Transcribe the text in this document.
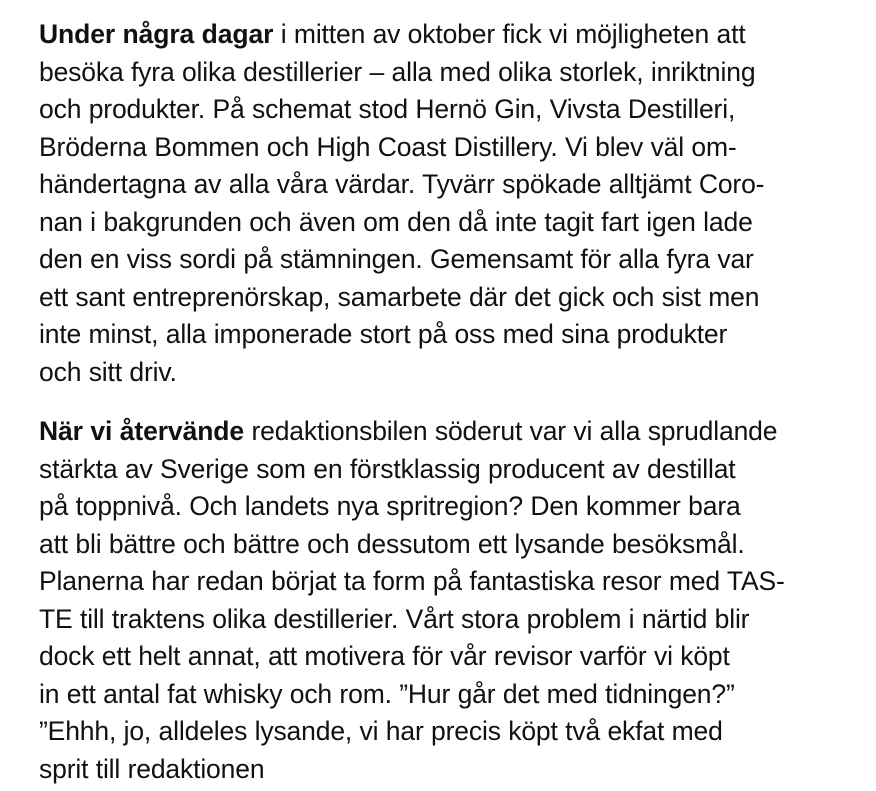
Under några dagar i mitten av oktober fick vi möjligheten att
besöka fyra olika destillerier – alla med olika storlek, inriktning
och produkter. På schemat stod Hernö Gin, Vivsta Destilleri,
Bröderna Bommen och High Coast Distillery. Vi blev väl om-
händertagna av alla våra värdar. Tyvärr spökade alltjämt Coro-
nan i bakgrunden och även om den då inte tagit fart igen lade
den en viss sordi på stämningen. Gemensamt för alla fyra var
ett sant entreprenörskap, samarbete där det gick och sist men
inte minst, alla imponerade stort på oss med sina produkter
och sitt driv.

När vi återvände redaktionsbilen söderut var vi alla sprudlande
stärkta av Sverige som en förstklassig producent av destillat
på toppnivå. Och landets nya spritregion? Den kommer bara
att bli bättre och bättre och dessutom ett lysande besöksmål.
Planerna har redan börjat ta form på fantastiska resor med TAS-
TE till traktens olika destillerier. Vårt stora problem i närtid blir
dock ett helt annat, att motivera för vår revisor varför vi köpt
in ett antal fat whisky och rom. ”Hur går det med tidningen?”
”Ehhh, jo, alldeles lysande, vi har precis köpt två ekfat med
sprit till redaktionen
